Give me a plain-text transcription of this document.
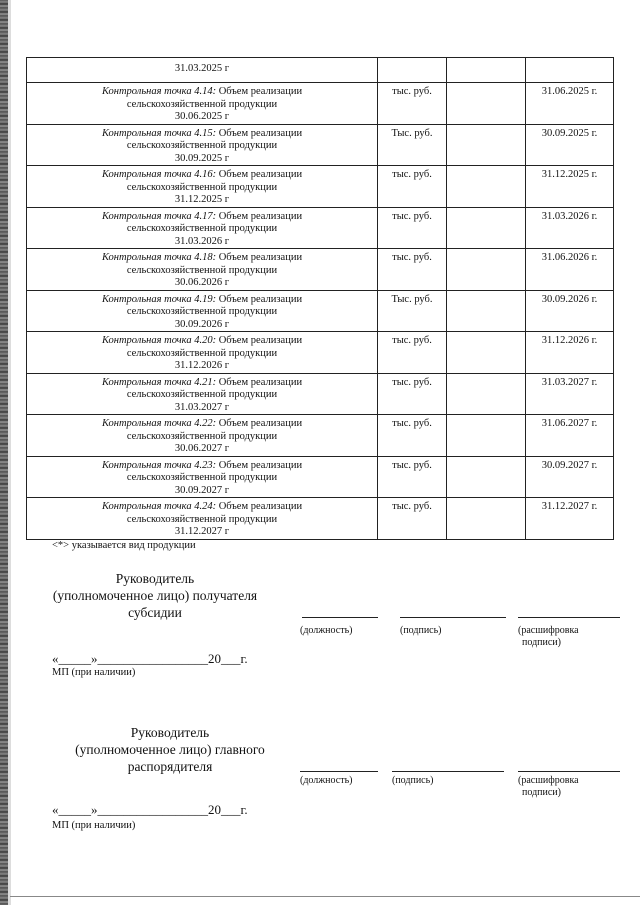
31.03.2025 г			

Контрольная точка 4.14: Объем реализации
сельскохозяйственной продукции
30.06.2025 г	тыс. руб.		31.06.2025 г.

Контрольная точка 4.15: Объем реализации
сельскохозяйственной продукции
30.09.2025 г	Тыс. руб.		30.09.2025 г.

Контрольная точка 4.16: Объем реализации
сельскохозяйственной продукции
31.12.2025 г	тыс. руб.		31.12.2025 г.

Контрольная точка 4.17: Объем реализации
сельскохозяйственной продукции
31.03.2026 г	тыс. руб.		31.03.2026 г.

Контрольная точка 4.18: Объем реализации
сельскохозяйственной продукции
30.06.2026 г	тыс. руб.		31.06.2026 г.

Контрольная точка 4.19: Объем реализации
сельскохозяйственной продукции
30.09.2026 г	Тыс. руб.		30.09.2026 г.

Контрольная точка 4.20: Объем реализации
сельскохозяйственной продукции
31.12.2026 г	тыс. руб.		31.12.2026 г.

Контрольная точка 4.21: Объем реализации
сельскохозяйственной продукции
31.03.2027 г	тыс. руб.		31.03.2027 г.

Контрольная точка 4.22: Объем реализации
сельскохозяйственной продукции
30.06.2027 г	тыс. руб.		31.06.2027 г.

Контрольная точка 4.23: Объем реализации
сельскохозяйственной продукции
30.09.2027 г	тыс. руб.		30.09.2027 г.

Контрольная точка 4.24: Объем реализации
сельскохозяйственной продукции
31.12.2027 г	тыс. руб.		31.12.2027 г.
<*> указывается вид продукции
Руководитель
(уполномоченное лицо) получателя
субсидии
(должность)	(подпись)	(расшифровка
подписи)
«_____»_________________20___г.
МП (при наличии)
Руководитель
(уполномоченное лицо) главного
распорядителя
(должность)	(подпись)	(расшифровка
подписи)
«_____»_________________20___г.
МП (при наличии)
